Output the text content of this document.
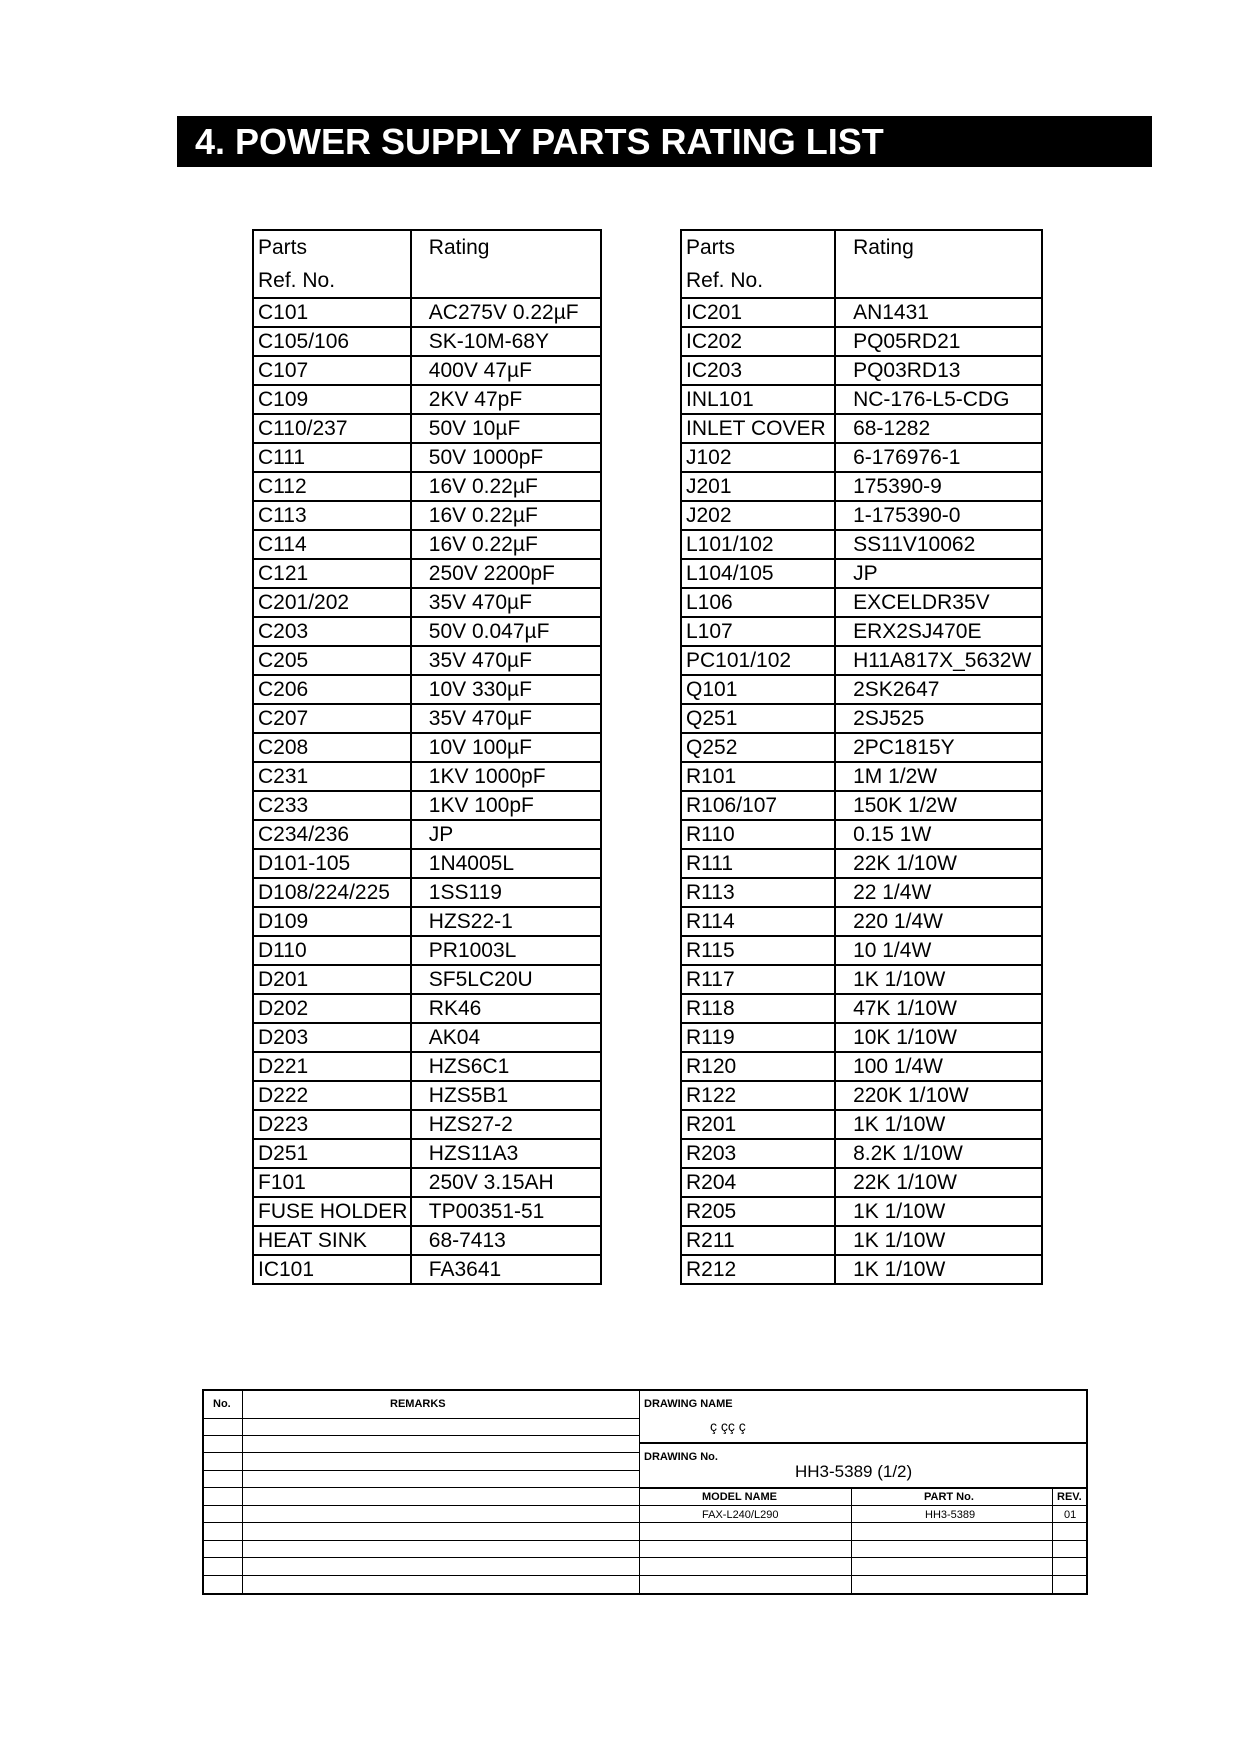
4. POWER SUPPLY PARTS RATING LIST
Parts
Ref. No.	Rating

C101	AC275V 0.22µF
C105/106	SK-10M-68Y
C107	400V 47µF
C109	2KV 47pF
C110/237	50V 10µF
C111	50V 1000pF
C112	16V 0.22µF
C113	16V 0.22µF
C114	16V 0.22µF
C121	250V 2200pF
C201/202	35V 470µF
C203	50V 0.047µF
C205	35V 470µF
C206	10V 330µF
C207	35V 470µF
C208	10V 100µF
C231	1KV 1000pF
C233	1KV 100pF
C234/236	JP
D101-105	1N4005L
D108/224/225	1SS119
D109	HZS22-1
D110	PR1003L
D201	SF5LC20U
D202	RK46
D203	AK04
D221	HZS6C1
D222	HZS5B1
D223	HZS27-2
D251	HZS11A3
F101	250V 3.15AH
FUSE HOLDER	TP00351-51
HEAT SINK	68-7413
IC101	FA3641
Parts
Ref. No.	Rating

IC201	AN1431
IC202	PQ05RD21
IC203	PQ03RD13
INL101	NC-176-L5-CDG
INLET COVER	68-1282
J102	6-176976-1
J201	175390-9
J202	1-175390-0
L101/102	SS11V10062
L104/105	JP
L106	EXCELDR35V
L107	ERX2SJ470E
PC101/102	H11A817X_5632W
Q101	2SK2647
Q251	2SJ525
Q252	2PC1815Y
R101	1M 1/2W
R106/107	150K 1/2W
R110	0.15 1W
R111	22K 1/10W
R113	22 1/4W
R114	220 1/4W
R115	10 1/4W
R117	1K 1/10W
R118	47K 1/10W
R119	10K 1/10W
R120	100 1/4W
R122	220K 1/10W
R201	1K 1/10W
R203	8.2K 1/10W
R204	22K 1/10W
R205	1K 1/10W
R211	1K 1/10W
R212	1K 1/10W
No.	REMARKS	DRAWING NAME
ç çç ç
DRAWING No.
HH3-5389 (1/2)
MODEL NAME	PART No.	REV.
FAX-L240/L290	HH3-5389	01
